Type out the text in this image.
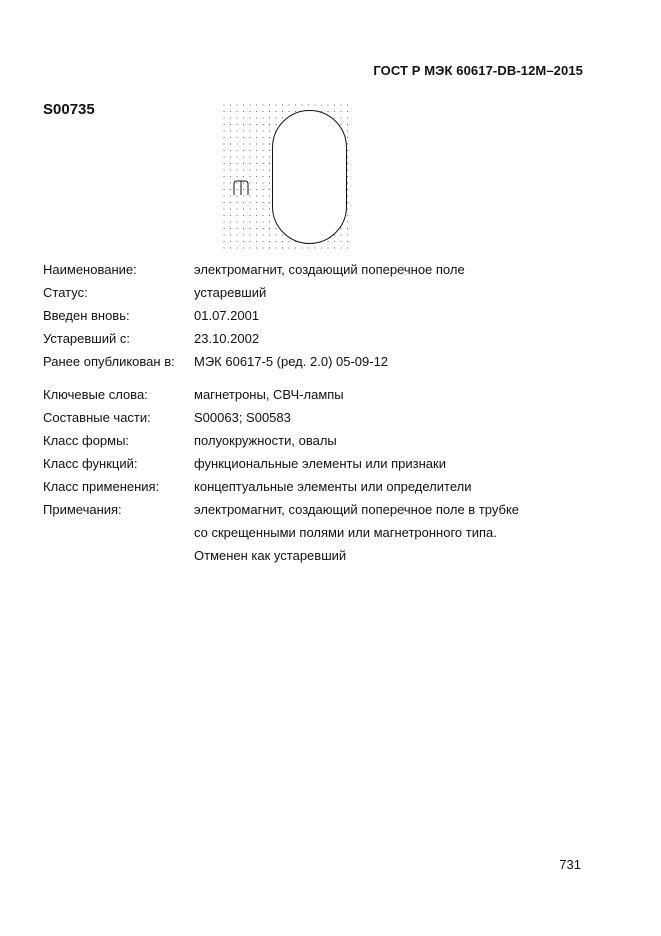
ГОСТ Р МЭК 60617-DB-12M–2015
S00735
Наименование:	электромагнит, создающий поперечное поле
Статус:	устаревший
Введен вновь:	01.07.2001
Устаревший с:	23.10.2002
Ранее опубликован в:	МЭК 60617-5 (ред. 2.0) 05-09-12
Ключевые слова:	магнетроны, СВЧ-лампы
Составные части:	S00063; S00583
Класс формы:	полуокружности, овалы
Класс функций:	функциональные элементы или признаки
Класс применения:	концептуальные элементы или определители
Примечания:	электромагнит, создающий поперечное поле в трубке
со скрещенными полями или магнетронного типа.
Отменен как устаревший
731
